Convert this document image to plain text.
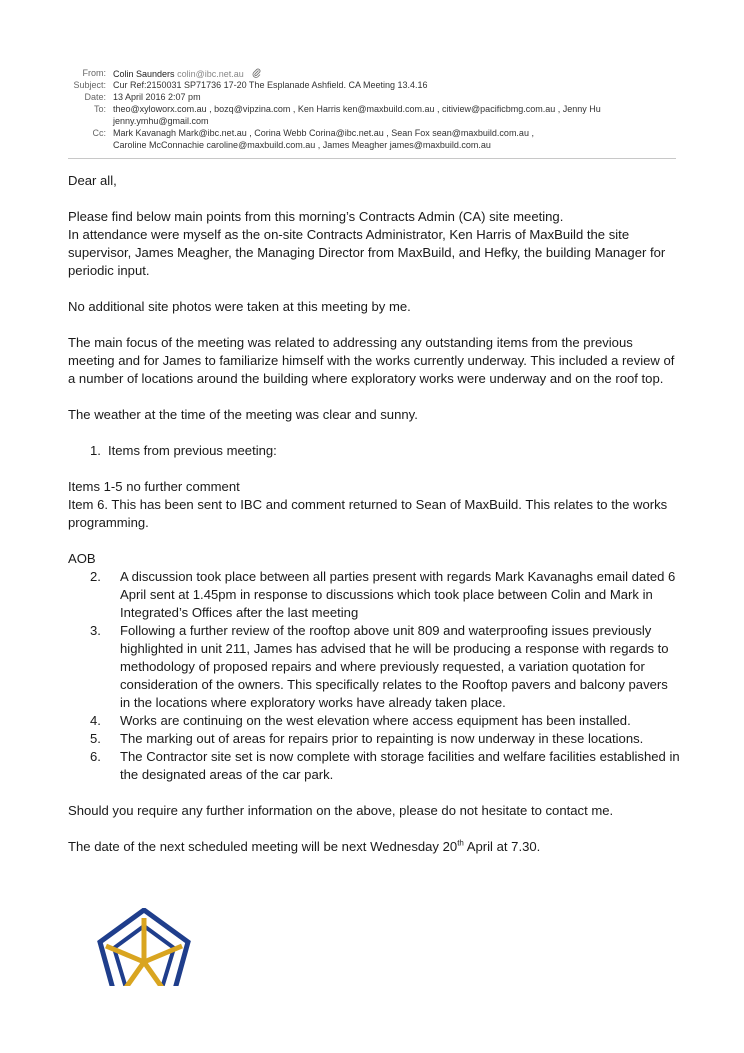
From: Colin Saunders colin@ibc.net.au
Subject: Cur Ref:2150031 SP71736 17-20 The Esplanade Ashfield. CA Meeting 13.4.16
Date: 13 April 2016 2:07 pm
To: theo@xyloworx.com.au , bozq@vipzina.com , Ken Harris ken@maxbuild.com.au , citiview@pacificbmg.com.au , Jenny Hu
jenny.ymhu@gmail.com
Cc: Mark Kavanagh Mark@ibc.net.au , Corina Webb Corina@ibc.net.au , Sean Fox sean@maxbuild.com.au ,
Caroline McConnachie caroline@maxbuild.com.au , James Meagher james@maxbuild.com.au

Dear all,

Please find below main points from this morning’s Contracts Admin (CA) site meeting.

In attendance were myself as the on-site Contracts Administrator, Ken Harris of MaxBuild the site supervisor, James Meagher, the Managing Director from MaxBuild, and Hefky, the building Manager for periodic input.

No additional site photos were taken at this meeting by me.

The main focus of the meeting was related to addressing any outstanding items from the previous meeting and for James to familiarize himself with the works currently underway. This included a review of a number of locations around the building where exploratory works were underway and on the roof top.

The weather at the time of the meeting was clear and sunny.

1. Items from previous meeting:

Items 1-5 no further comment

Item 6. This has been sent to IBC and comment returned to Sean of MaxBuild. This relates to the works programming.

AOB

2. A discussion took place between all parties present with regards Mark Kavanaghs email dated 6 April sent at 1.45pm in response to discussions which took place between Colin and Mark in Integrated’s Offices after the last meeting
3. Following a further review of the rooftop above unit 809 and waterproofing issues previously highlighted in unit 211, James has advised that he will be producing a response with regards to methodology of proposed repairs and where previously requested, a variation quotation for consideration of the owners. This specifically relates to the Rooftop pavers and balcony pavers in the locations where exploratory works have already taken place.
4. Works are continuing on the west elevation where access equipment has been installed.
5. The marking out of areas for repairs prior to repainting is now underway in these locations.
6. The Contractor site set is now complete with storage facilities and welfare facilities established in the designated areas of the car park.

Should you require any further information on the above, please do not hesitate to contact me.

The date of the next scheduled meeting will be next Wednesday 20th April at 7.30.
